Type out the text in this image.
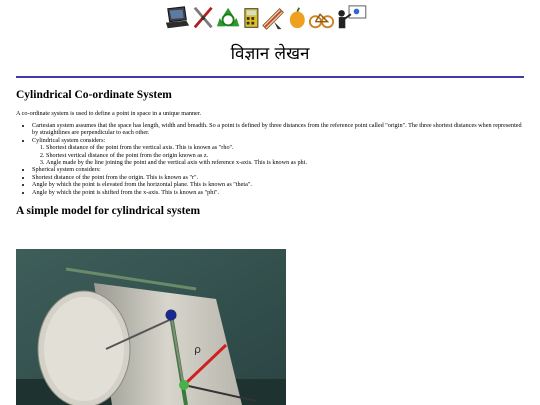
विज्ञान लेखन
Cylindrical Co-ordinate System

A co-ordinate system is used to define a point in space in a unique manner.

• Cartesian system assumes that the space has length, width and breadth. So a point is defined by three distances from the reference point called "origin". The three shortest distances when represented by straightlines are perpendicular to each other.
• Cylindrical system considers:
1. Shortest distance of the point from the vertical axis. This is known as "rho".
2. Shortest vertical distance of the point from the origin known as z.
3. Angle made by the line joining the point and the vertical axis with reference x-axis. This is known as phi.
• Spherical system considers:
• Shortest distance of the point from the origin. This is known as "r".
• Angle by which the point is elevated from the horizontal plane. This is known as "theta".
• Angle by which the point is shifted from the x-axis. This is known as "phi".
A simple model for cylindrical system
ρ
